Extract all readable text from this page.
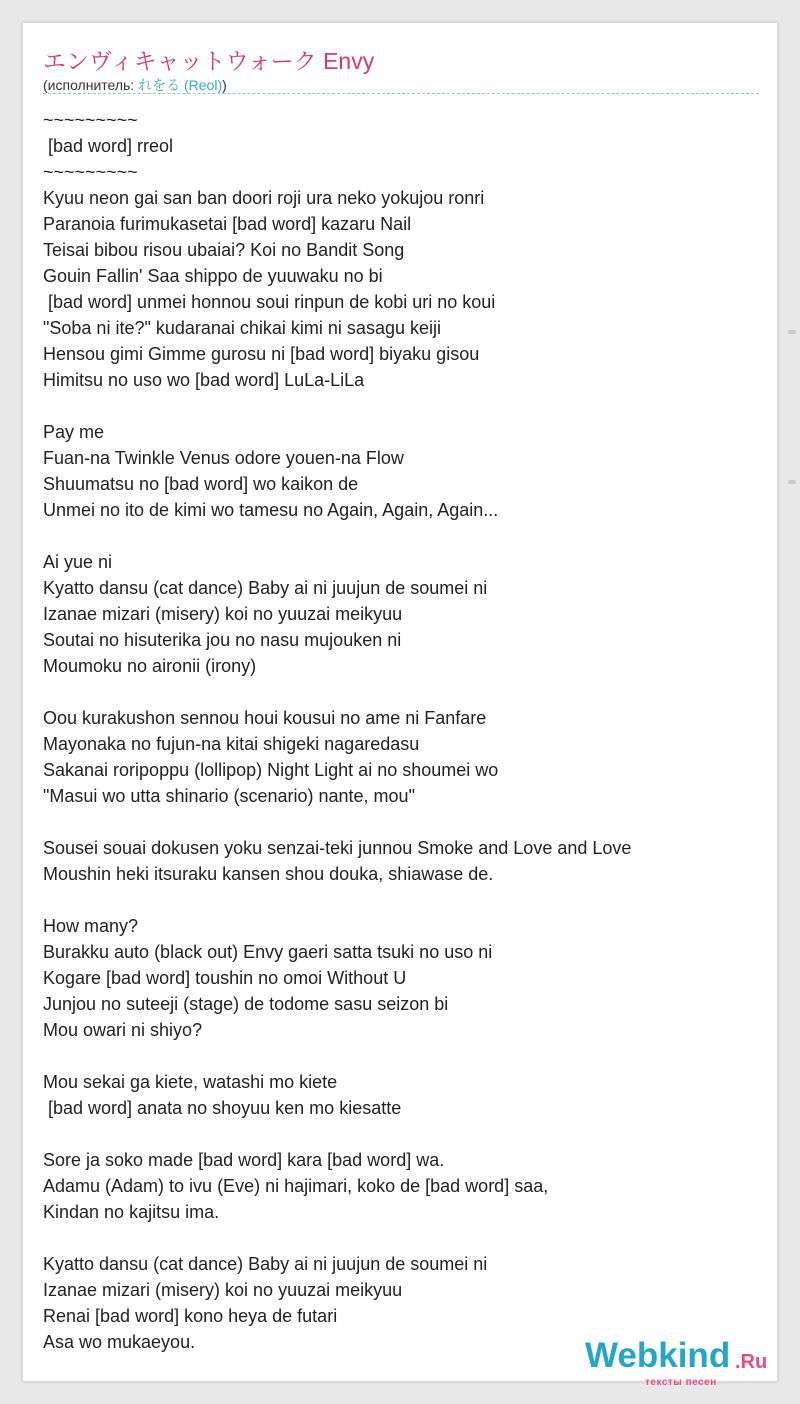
エンヴィキャットウォーク Envy
(исполнитель: れをる (Reol))
~~~~~~~~~
[bad word] rreol
~~~~~~~~~
Kyuu neon gai san ban doori roji ura neko yokujou ronri
Paranoia furimukasetai [bad word] kazaru Nail
Teisai bibou risou ubaiai? Koi no Bandit Song
Gouin Fallin' Saa shippo de yuuwaku no bi
[bad word] unmei honnou soui rinpun de kobi uri no koui
"Soba ni ite?" kudaranai chikai kimi ni sasagu keiji
Hensou gimi Gimme gurosu ni [bad word] biyaku gisou
Himitsu no uso wo [bad word] LuLa-LiLa
Pay me
Fuan-na Twinkle Venus odore youen-na Flow
Shuumatsu no [bad word] wo kaikon de
Unmei no ito de kimi wo tamesu no Again, Again, Again...
Ai yue ni
Kyatto dansu (cat dance) Baby ai ni juujun de soumei ni
Izanae mizari (misery) koi no yuuzai meikyuu
Soutai no hisuterika jou no nasu mujouken ni
Moumoku no aironii (irony)
Oou kurakushon sennou houi kousui no ame ni Fanfare
Mayonaka no fujun-na kitai shigeki nagaredasu
Sakanai roripoppu (lollipop) Night Light ai no shoumei wo
"Masui wo utta shinario (scenario) nante, mou"
Sousei souai dokusen yoku senzai-teki junnou Smoke and Love and Love
Moushin heki itsuraku kansen shou douka, shiawase de.
How many?
Burakku auto (black out) Envy gaeri satta tsuki no uso ni
Kogare [bad word] toushin no omoi Without U
Junjou no suteeji (stage) de todome sasu seizon bi
Mou owari ni shiyo?
Mou sekai ga kiete, watashi mo kiete
[bad word] anata no shoyuu ken mo kiesatte
Sore ja soko made [bad word] kara [bad word] wa.
Adamu (Adam) to ivu (Eve) ni hajimari, koko de [bad word] saa,
Kindan no kajitsu ima.
Kyatto dansu (cat dance) Baby ai ni juujun de soumei ni
Izanae mizari (misery) koi no yuuzai meikyuu
Renai [bad word] kono heya de futari
Asa wo mukaeyou.	Webkind .Ru
тексты песен
